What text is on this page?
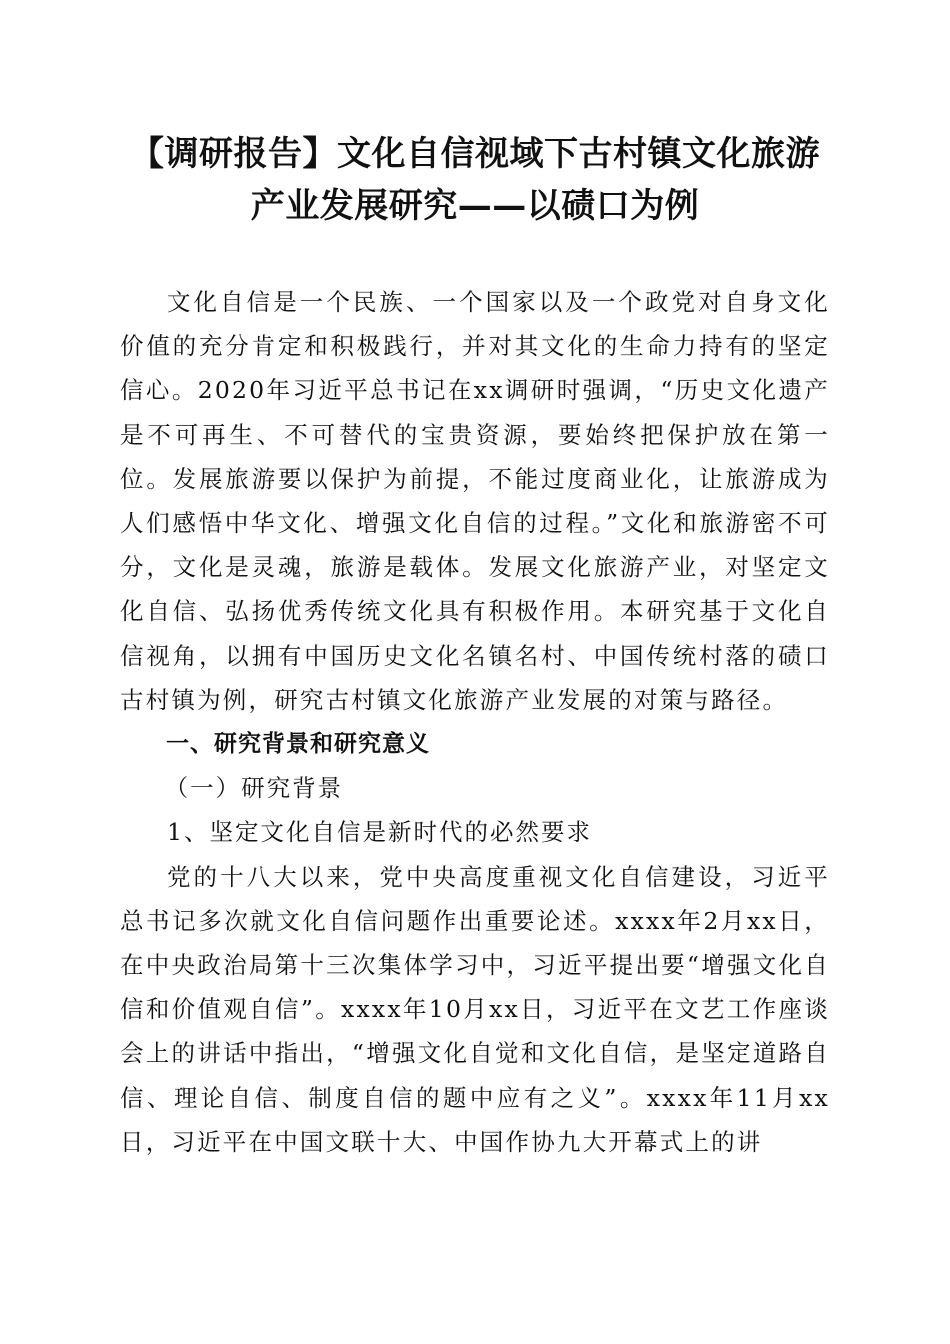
【调研报告】文化自信视域下古村镇文化旅游
产业发展研究——以碛口为例

文化自信是一个民族、一个国家以及一个政党对自身文化价值的充分肯定和积极践行，并对其文化的生命力持有的坚定信心。2020年习近平总书记在xx调研时强调，“历史文化遗产是不可再生、不可替代的宝贵资源，要始终把保护放在第一位。发展旅游要以保护为前提，不能过度商业化，让旅游成为人们感悟中华文化、增强文化自信的过程。”文化和旅游密不可分，文化是灵魂，旅游是载体。发展文化旅游产业，对坚定文化自信、弘扬优秀传统文化具有积极作用。本研究基于文化自信视角，以拥有中国历史文化名镇名村、中国传统村落的碛口古村镇为例，研究古村镇文化旅游产业发展的对策与路径。

一、研究背景和研究意义

（一）研究背景

1、坚定文化自信是新时代的必然要求

党的十八大以来，党中央高度重视文化自信建设，习近平总书记多次就文化自信问题作出重要论述。xxxx年2月xx日，在中央政治局第十三次集体学习中，习近平提出要“增强文化自信和价值观自信”。xxxx年10月xx日，习近平在文艺工作座谈会上的讲话中指出，“增强文化自觉和文化自信，是坚定道路自信、理论自信、制度自信的题中应有之义”。xxxx年11月xx日，习近平在中国文联十大、中国作协九大开幕式上的讲
